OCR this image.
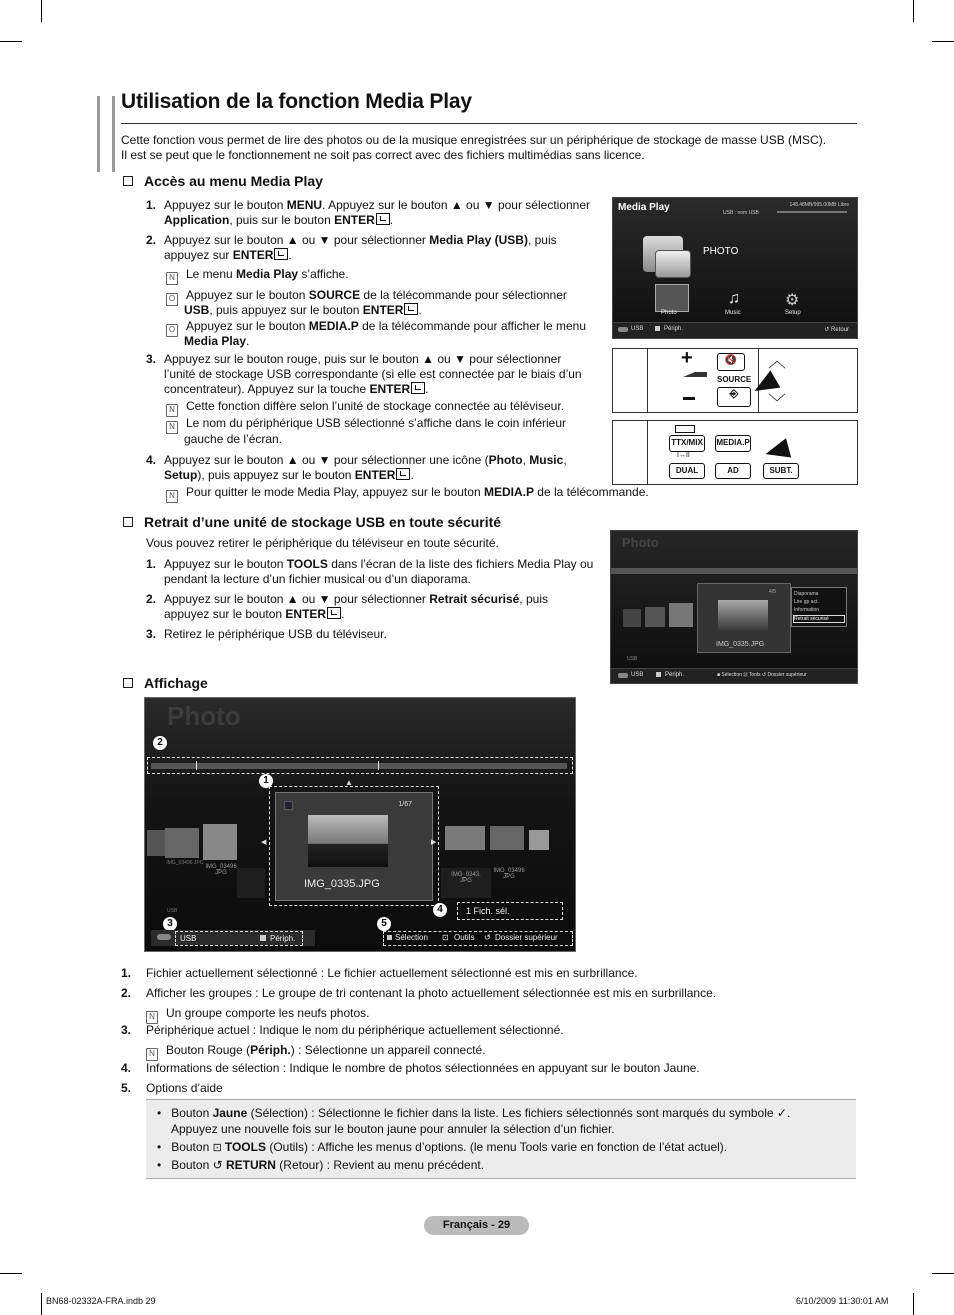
Utilisation de la fonction Media Play
Cette fonction vous permet de lire des photos ou de la musique enregistrées sur un périphérique de stockage de masse USB (MSC).
Il est se peut que le fonctionnement ne soit pas correct avec des fichiers multimédias sans licence.
Accès au menu Media Play
1. Appuyez sur le bouton MENU. Appuyez sur le bouton ▲ ou ▼ pour sélectionner
Application, puis sur le bouton ENTER .
2. Appuyez sur le bouton ▲ ou ▼ pour sélectionner Media Play (USB), puis
appuyez sur ENTER .
N Le menu Media Play s’affiche.
O Appuyez sur le bouton SOURCE de la télécommande pour sélectionner
USB, puis appuyez sur le bouton ENTER .
O Appuyez sur le bouton MEDIA.P de la télécommande pour afficher le menu
Media Play.
3. Appuyez sur le bouton rouge, puis sur le bouton ▲ ou ▼ pour sélectionner
l’unité de stockage USB correspondante (si elle est connectée par le biais d’un
concentrateur). Appuyez sur la touche ENTER .
N Cette fonction diffère selon l’unité de stockage connectée au téléviseur.
N Le nom du périphérique USB sélectionné s’affiche dans le coin inférieur
gauche de l’écran.
4. Appuyez sur le bouton ▲ ou ▼ pour sélectionner une icône (Photo, Music,
Setup), puis appuyez sur le bouton ENTER .
N Pour quitter le mode Media Play, appuyez sur le bouton MEDIA.P de la télécommande.
Media Play	148.48MB/995.00MB Libre
USB : nom USB
PHOTO
♫	⚙
Photo	Music	Setup
USB	Périph.	↺ Retour
+	🔇
SOURCE
⎆
︿
﹀
TTX/MIX MEDIA.P
I↔II
DUAL	AD	SUBT.
Retrait d’une unité de stockage USB en toute sécurité
Vous pouvez retirer le périphérique du téléviseur en toute sécurité.
1. Appuyez sur le bouton TOOLS dans l’écran de la liste des fichiers Media Play ou
pendant la lecture d’un fichier musical ou d’un diaporama.
2. Appuyez sur le bouton ▲ ou ▼ pour sélectionner Retrait sécurisé, puis
appuyez sur le bouton ENTER .
3. Retirez le périphérique USB du téléviseur.
Photo
4/5
IMG_0335.JPG
Diaporama
Lire gp act.
Information
Retrait sécurisé
USB
USB	Périph.	■ Sélection ⊡ Tools ↺ Dossier supérieur
Affichage
Photo
2
1	▲
1/67
IMG_0335.JPG
◀	▶
IMG_03496 JPG
IMG_03496 JPG	IMG_0343. JPG
IMG_03496 JPG
USB	4	1 Fich. sél.
3	5
USB	Périph.	Sélection ⊡ Outils ↺ Dossier supérieur
1. Fichier actuellement sélectionné : Le fichier actuellement sélectionné est mis en surbrillance.
2. Afficher les groupes : Le groupe de tri contenant la photo actuellement sélectionnée est mis en surbrillance.
N Un groupe comporte les neufs photos.
3. Périphérique actuel : Indique le nom du périphérique actuellement sélectionné.
N Bouton Rouge (Périph.) : Sélectionne un appareil connecté.
4. Informations de sélection : Indique le nombre de photos sélectionnées en appuyant sur le bouton Jaune.
5. Options d’aide
•   Bouton Jaune (Sélection) : Sélectionne le fichier dans la liste. Les fichiers sélectionnés sont marqués du symbole ✓.
Appuyez une nouvelle fois sur le bouton jaune pour annuler la sélection d’un fichier.
•   Bouton ⊡ TOOLS (Outils) : Affiche les menus d’options. (le menu Tools varie en fonction de l’état actuel).
•   Bouton ↺ RETURN (Retour) : Revient au menu précédent.
Français - 29
BN68-02332A-FRA.indb 29	6/10/2009 11:30:01 AM
